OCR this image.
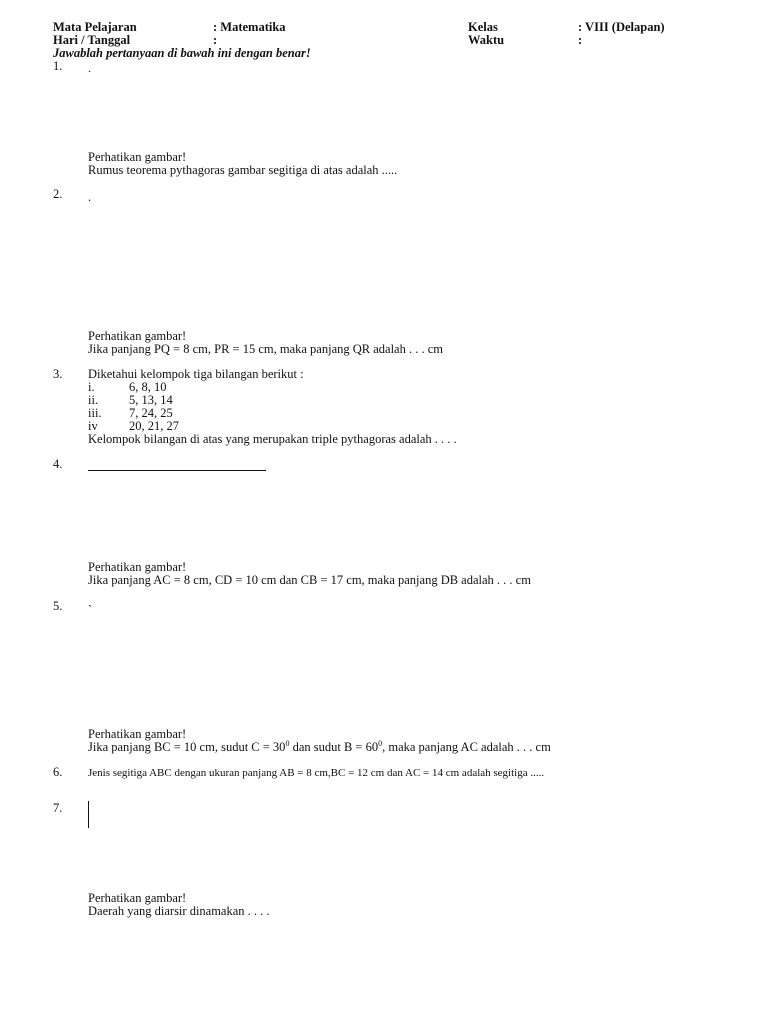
Mata Pelajaran	: Matematika	Kelas	: VIII (Delapan)
Hari / Tanggal	:	Waktu	:
Jawablah pertanyaan di bawah ini dengan benar!
1. .
Perhatikan gambar!
Rumus teorema pythagoras gambar segitiga di atas adalah .....
2. .
Perhatikan gambar!
Jika panjang PQ = 8 cm, PR = 15 cm, maka panjang QR adalah . . . cm
3. Diketahui kelompok tiga bilangan berikut :
i.	6, 8, 10
ii. 5, 13, 14
iii. 7, 24, 25
iv	20, 21, 27
Kelompok bilangan di atas yang merupakan triple pythagoras adalah . . . .
4.
Perhatikan gambar!
Jika panjang AC = 8 cm, CD = 10 cm dan CB = 17 cm, maka panjang DB adalah . . . cm
5. `
Perhatikan gambar!
Jika panjang BC = 10 cm, sudut $C = 30^0$ dan sudut $B = 60^0$, maka panjang AC adalah . . . cm
6. Jenis segitiga ABC dengan ukuran panjang AB = 8 cm,BC = 12 cm dan AC = 14 cm adalah segitiga .....
7.
Perhatikan gambar!
Daerah yang diarsir dinamakan . . . .
